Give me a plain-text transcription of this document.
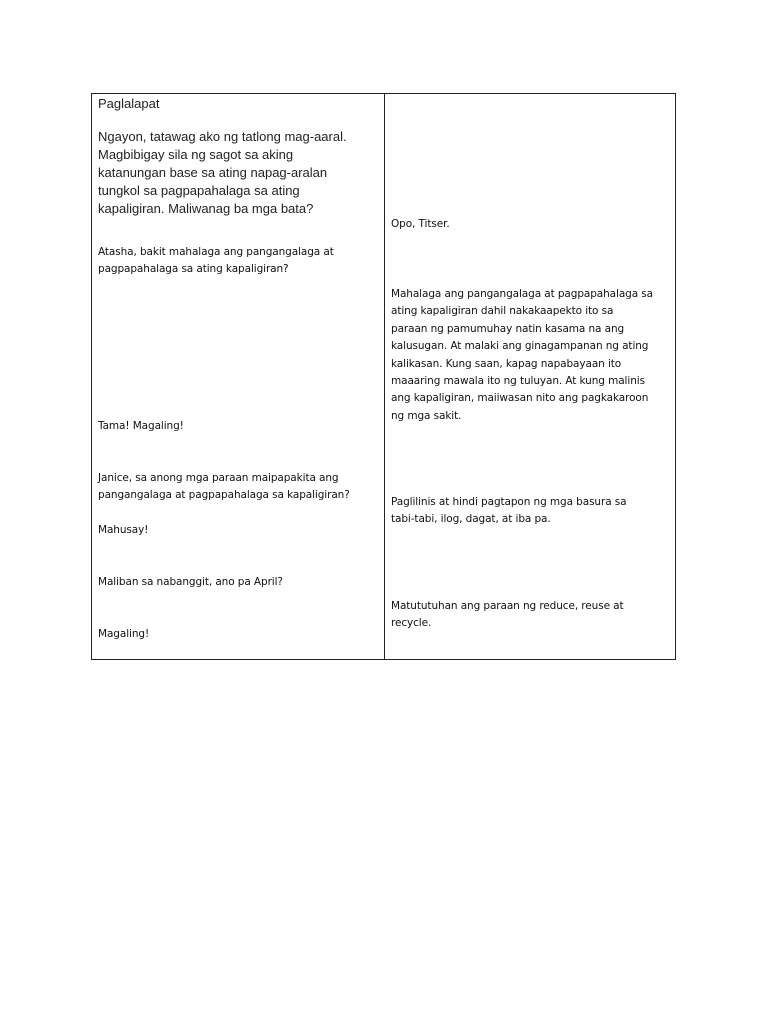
Paglalapat

Ngayon, tatawag ako ng tatlong mag-aaral.
Magbibigay sila ng sagot sa aking
katanungan base sa ating napag-aralan
tungkol sa pagpapahalaga sa ating
kapaligiran. Maliwanag ba mga bata?

Atasha, bakit mahalaga ang pangangalaga at
pagpapahalaga sa ating kapaligiran?

Tama! Magaling!

Janice, sa anong mga paraan maipapakita ang
pangangalaga at pagpapahalaga sa kapaligiran?

Mahusay!

Maliban sa nabanggit, ano pa April?

Magaling!

Opo, Titser.

Mahalaga ang pangangalaga at pagpapahalaga sa
ating kapaligiran dahil nakakaapekto ito sa
paraan ng pamumuhay natin kasama na ang
kalusugan. At malaki ang ginagampanan ng ating
kalikasan. Kung saan, kapag napabayaan ito
maaaring mawala ito ng tuluyan. At kung malinis
ang kapaligiran, maiiwasan nito ang pagkakaroon
ng mga sakit.

Paglilinis at hindi pagtapon ng mga basura sa
tabi-tabi, ilog, dagat, at iba pa.

Matututuhan ang paraan ng reduce, reuse at
recycle.
